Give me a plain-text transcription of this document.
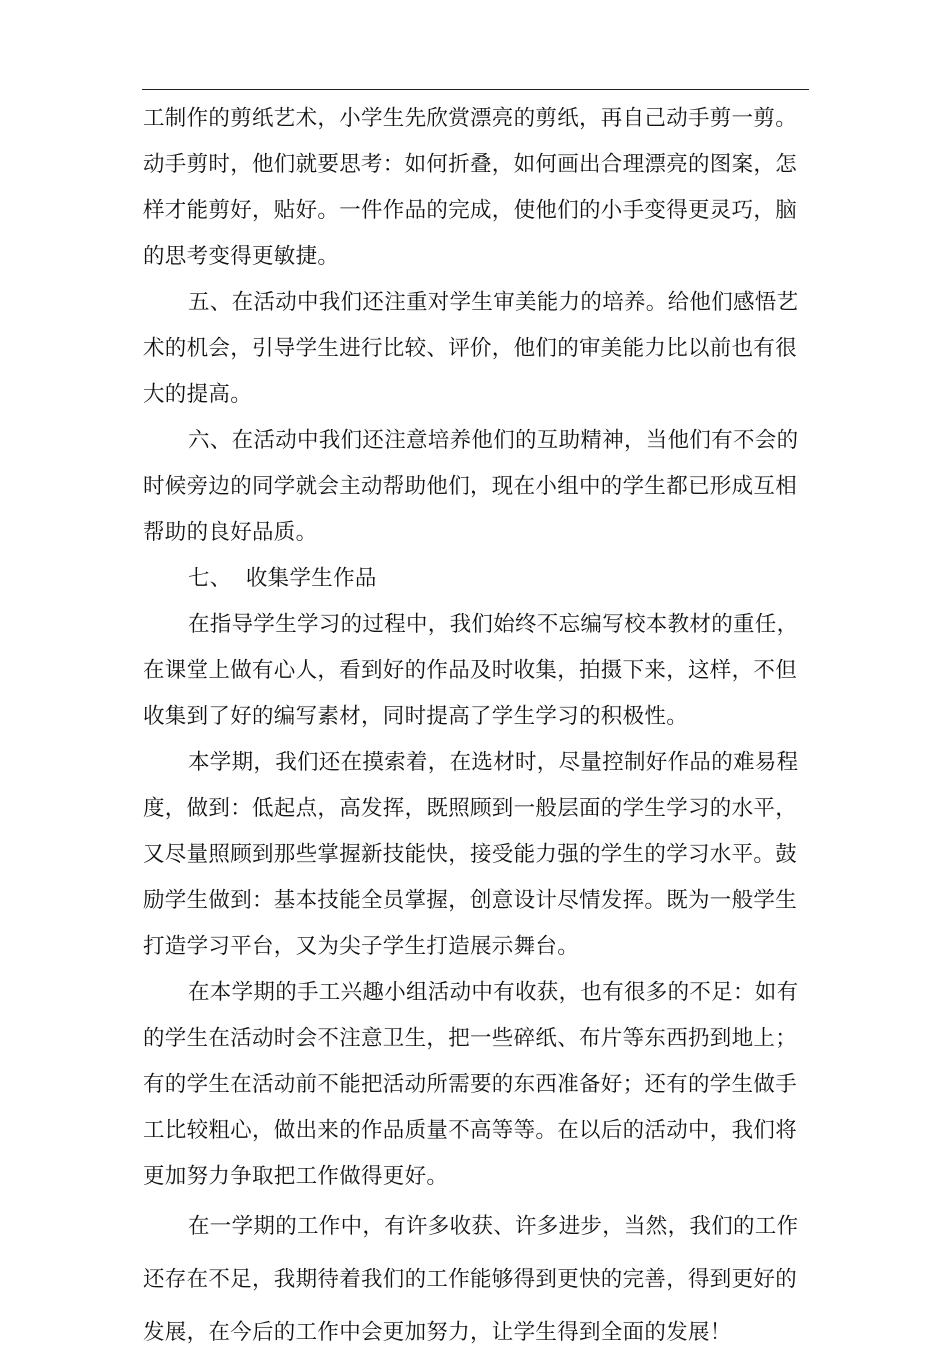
工制作的剪纸艺术，小学生先欣赏漂亮的剪纸，再自己动手剪一剪。
动手剪时，他们就要思考：如何折叠，如何画出合理漂亮的图案，怎
样才能剪好，贴好。一件作品的完成，使他们的小手变得更灵巧，脑
的思考变得更敏捷。

五、在活动中我们还注重对学生审美能力的培养。给他们感悟艺
术的机会，引导学生进行比较、评价，他们的审美能力比以前也有很
大的提高。

六、在活动中我们还注意培养他们的互助精神，当他们有不会的
时候旁边的同学就会主动帮助他们，现在小组中的学生都已形成互相
帮助的良好品质。

七、  收集学生作品

在指导学生学习的过程中，我们始终不忘编写校本教材的重任，
在课堂上做有心人，看到好的作品及时收集，拍摄下来，这样，不但
收集到了好的编写素材，同时提高了学生学习的积极性。

本学期，我们还在摸索着，在选材时，尽量控制好作品的难易程
度，做到：低起点，高发挥，既照顾到一般层面的学生学习的水平，
又尽量照顾到那些掌握新技能快，接受能力强的学生的学习水平。鼓
励学生做到：基本技能全员掌握，创意设计尽情发挥。既为一般学生
打造学习平台，又为尖子学生打造展示舞台。

在本学期的手工兴趣小组活动中有收获，也有很多的不足：如有
的学生在活动时会不注意卫生，把一些碎纸、布片等东西扔到地上；
有的学生在活动前不能把活动所需要的东西准备好；还有的学生做手
工比较粗心，做出来的作品质量不高等等。在以后的活动中，我们将
更加努力争取把工作做得更好。

在一学期的工作中，有许多收获、许多进步，当然，我们的工作
还存在不足，我期待着我们的工作能够得到更快的完善，得到更好的
发展，在今后的工作中会更加努力，让学生得到全面的发展！
